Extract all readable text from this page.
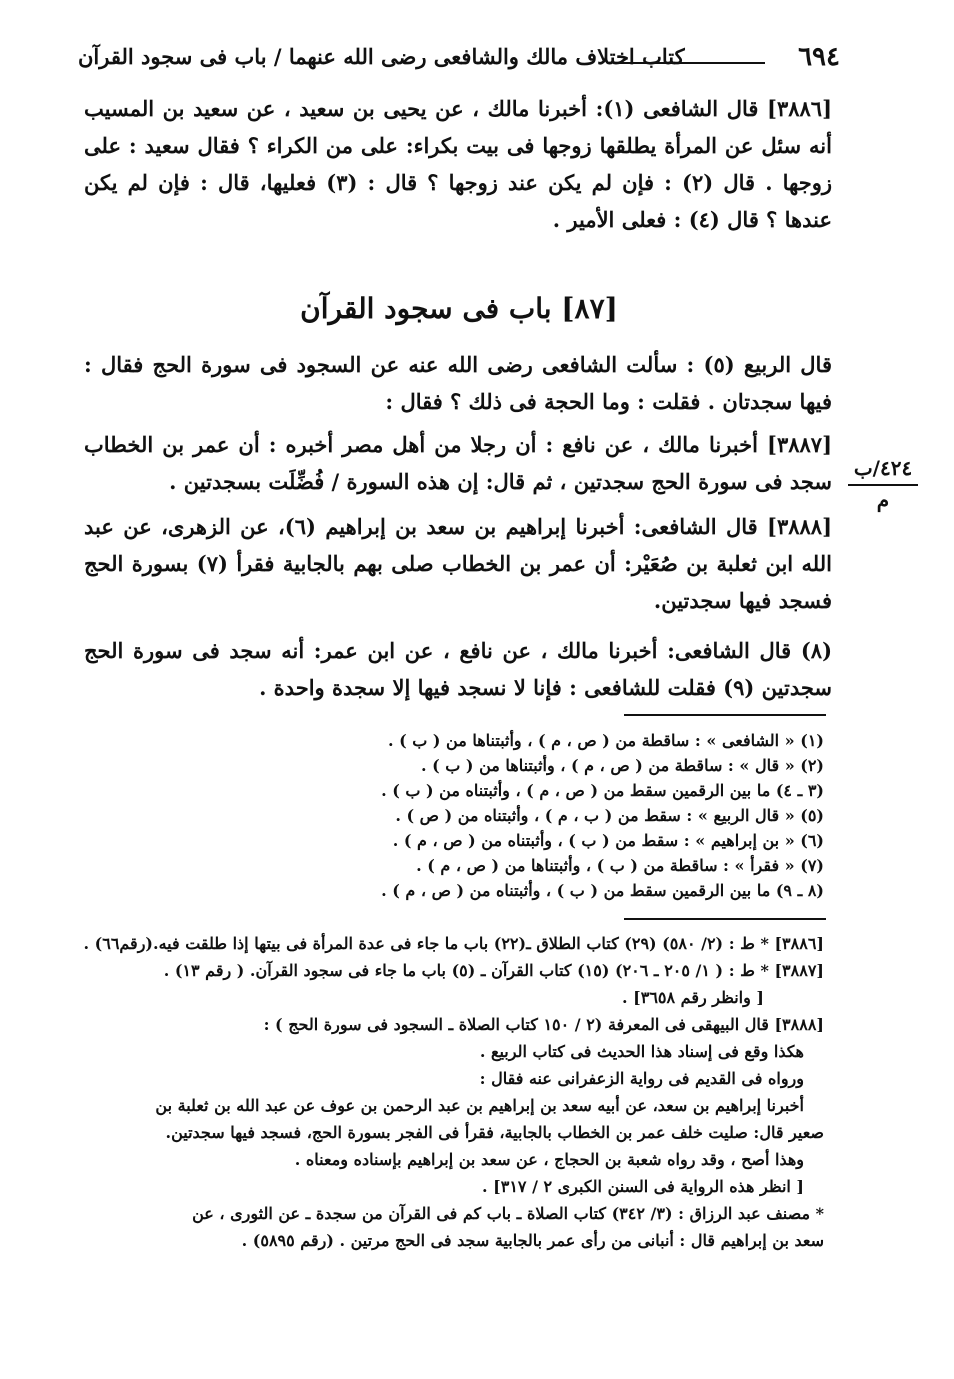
٦٩٤
كتاب اختلاف مالك والشافعى رضى الله عنهما / باب فى سجود القرآن
[٣٨٨٦] قال الشافعى (١): أخبرنا مالك ، عن يحيى بن سعيد ، عن سعيد بن المسيب أنه سئل عن المرأة يطلقها زوجها فى بيت بكراء: على من الكراء ؟ فقال سعيد : على زوجها . قال (٢) : فإن لم يكن عند زوجها ؟ قال : (٣) فعليها، قال : فإن لم يكن عندها ؟ قال (٤) : فعلى الأمير .
[٨٧] باب فى سجود القرآن
قال الربيع (٥) : سألت الشافعى رضى الله عنه عن السجود فى سورة الحج فقال : فيها سجدتان . فقلت : وما الحجة فى ذلك ؟ فقال :
[٣٨٨٧] أخبرنا مالك ، عن نافع : أن رجلا من أهل مصر أخبره : أن عمر بن الخطاب سجد فى سورة الحج سجدتين ، ثم قال: إن هذه السورة / فُضِّلَت بسجدتين .
٤٢٤/ب
م
[٣٨٨٨] قال الشافعى: أخبرنا إبراهيم بن سعد بن إبراهيم (٦)، عن الزهرى، عن عبد الله ابن ثعلبة بن صُعَيْر: أن عمر بن الخطاب صلى بهم بالجابية فقرأ (٧) بسورة الحج فسجد فيها سجدتين.
(٨) قال الشافعى: أخبرنا مالك ، عن نافع ، عن ابن عمر: أنه سجد فى سورة الحج سجدتين (٩) فقلت للشافعى : فإنا لا نسجد فيها إلا سجدة واحدة .
(١) « الشافعى » : ساقطة من ( ص ، م ) ، وأثبتناها من ( ب ) .
(٢) « قال » : ساقطة من ( ص ، م ) ، وأثبتناها من ( ب ) .
(٣ ـ ٤) ما بين الرقمين سقط من ( ص ، م ) ، وأثبتناه من ( ب ) .
(٥) « قال الربيع » : سقط من ( ب ، م ) ، وأثبتناه من ( ص ) .
(٦) « بن إبراهيم » : سقط من ( ب ) ، وأثبتناه من ( ص ، م ) .
(٧) « فقرأ » : ساقطة من ( ب ) ، وأثبتناها من ( ص ، م ) .
(٨ ـ ٩) ما بين الرقمين سقط من ( ب ) ، وأثبتناه من ( ص ، م ) .
[٣٨٨٦] * ط : (٢/ ٥٨٠) (٢٩) كتاب الطلاق ـ(٢٢) باب ما جاء فى عدة المرأة فى بيتها إذا طلقت فيه.(رقم٦٦) .
[٣٨٨٧] * ط : ( ١/ ٢٠٥ ـ ٢٠٦) (١٥) كتاب القرآن ـ (٥) باب ما جاء فى سجود القرآن. ( رقم ١٣) .
[ وانظر رقم ٣٦٥٨] .
[٣٨٨٨] قال البيهقى فى المعرفة (٢ / ١٥٠ كتاب الصلاة ـ السجود فى سورة الحج ) :
هكذا وقع فى إسناد هذا الحديث فى كتاب الربيع .
ورواه فى القديم فى رواية الزعفرانى عنه فقال :
أخبرنا إبراهيم بن سعد، عن أبيه سعد بن إبراهيم بن عبد الرحمن بن عوف عن عبد الله بن ثعلبة بن
صعير قال: صليت خلف عمر بن الخطاب بالجابية، فقرأ فى الفجر بسورة الحج، فسجد فيها سجدتين.
وهذا أصح ، وقد رواه شعبة بن الحجاج ، عن سعد بن إبراهيم بإسناده ومعناه .
[ انظر هذه الرواية فى السنن الكبرى ٢ / ٣١٧] .
* مصنف عبد الرزاق : (٣/ ٣٤٢) كتاب الصلاة ـ باب كم فى القرآن من سجدة ـ عن الثورى ، عن
سعد بن إبراهيم قال : أنبانى من رأى عمر بالجابية سجد فى الحج مرتين . (رقم ٥٨٩٥) .
